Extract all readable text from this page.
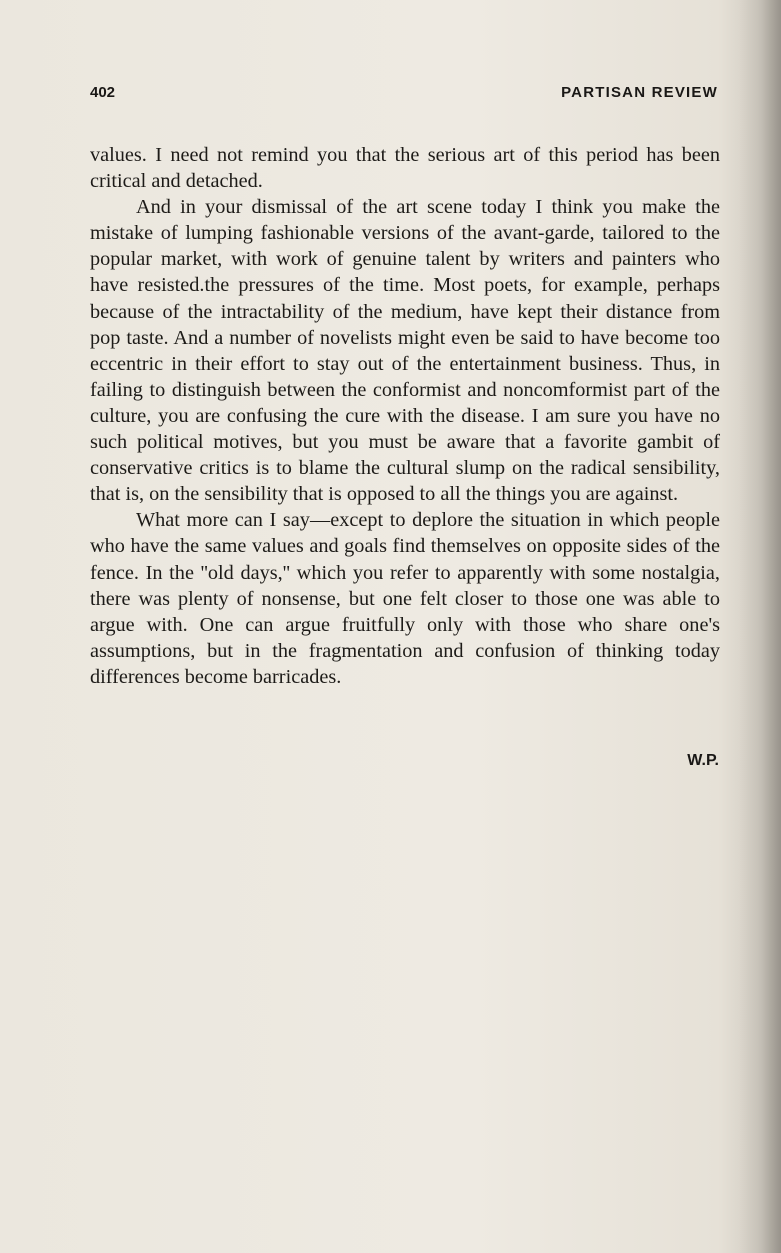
402	PARTISAN REVIEW

values. I need not remind you that the serious art of this period has been critical and detached.

And in your dismissal of the art scene today I think you make the mistake of lumping fashionable versions of the avant-garde, tailored to the popular market, with work of genuine talent by writers and painters who have resisted.the pressures of the time. Most poets, for example, perhaps because of the intractability of the medium, have kept their distance from pop taste. And a number of novelists might even be said to have become too eccentric in their effort to stay out of the entertainment business. Thus, in failing to distinguish between the conformist and noncomformist part of the culture, you are confusing the cure with the disease. I am sure you have no such political motives, but you must be aware that a favorite gambit of conservative critics is to blame the cultural slump on the radical sensibility, that is, on the sensibility that is opposed to all the things you are against.

What more can I say—except to deplore the situation in which people who have the same values and goals find themselves on opposite sides of the fence. In the ''old days,'' which you refer to apparently with some nostalgia, there was plenty of nonsense, but one felt closer to those one was able to argue with. One can argue fruitfully only with those who share one's assumptions, but in the fragmentation and confusion of thinking today differences become barricades.

W.P.
